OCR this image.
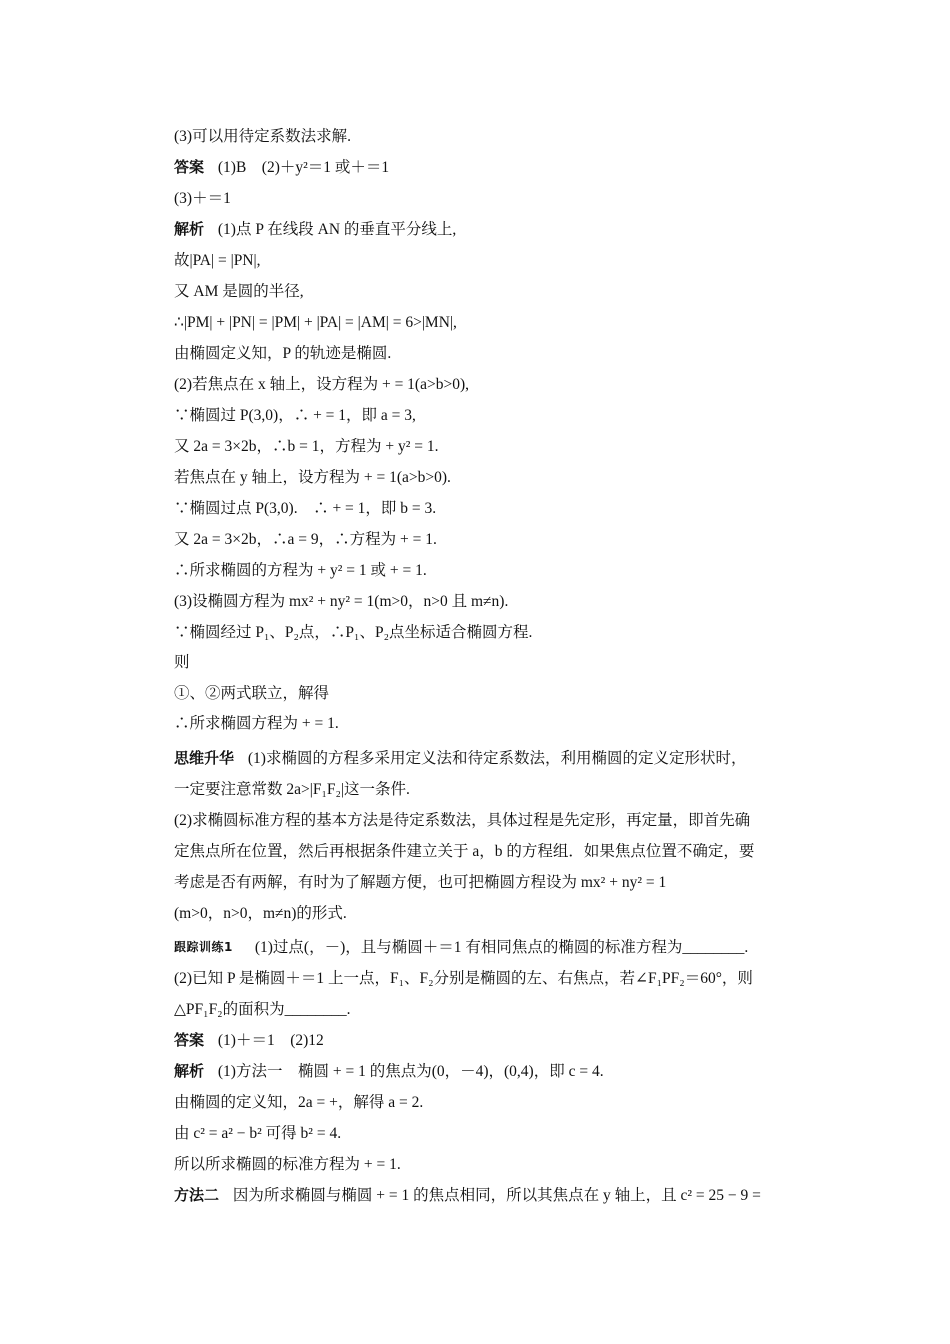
(3)可以用待定系数法求解.
答案 (1)B　(2)＋y²＝1 或＋＝1
(3)＋＝1
解析 (1)点 P 在线段 AN 的垂直平分线上,
故|PA| = |PN|,
又 AM 是圆的半径,
∴|PM| + |PN| = |PM| + |PA| = |AM| = 6>|MN|,
由椭圆定义知，P 的轨迹是椭圆.
(2)若焦点在 x 轴上，设方程为 + = 1(a>b>0),
∵椭圆过 P(3,0)，∴ + = 1，即 a = 3,
又 2a = 3×2b，∴b = 1，方程为 + y² = 1.
若焦点在 y 轴上，设方程为 + = 1(a>b>0).
∵椭圆过点 P(3,0).　∴ + = 1，即 b = 3.
又 2a = 3×2b，∴a = 9，∴方程为 + = 1.
∴所求椭圆的方程为 + y² = 1 或 + = 1.
(3)设椭圆方程为 mx² + ny² = 1(m>0，n>0 且 m≠n).
∵椭圆经过 P₁、P₂点，∴P₁、P₂点坐标适合椭圆方程.
则
①、②两式联立，解得
∴所求椭圆方程为 + = 1.
思维升华 (1)求椭圆的方程多采用定义法和待定系数法，利用椭圆的定义定形状时，
一定要注意常数 2a>|F₁F₂|这一条件.
(2)求椭圆标准方程的基本方法是待定系数法，具体过程是先定形，再定量，即首先确
定焦点所在位置，然后再根据条件建立关于 a，b 的方程组．如果焦点位置不确定，要
考虑是否有两解，有时为了解题方便，也可把椭圆方程设为 mx² + ny² = 1
(m>0，n>0，m≠n)的形式.
跟踪训练1 (1)过点(，－)，且与椭圆＋＝1 有相同焦点的椭圆的标准方程为________.
(2)已知 P 是椭圆＋＝1 上一点，F₁、F₂分别是椭圆的左、右焦点，若∠F₁PF₂＝60°，则
△PF₁F₂的面积为________.
答案 (1)＋＝1　(2)12
解析 (1)方法一　椭圆 + = 1 的焦点为(0，－4)，(0,4)，即 c = 4.
由椭圆的定义知，2a = +，解得 a = 2.
由 c² = a² − b² 可得 b² = 4.
所以所求椭圆的标准方程为 + = 1.
方法二 因为所求椭圆与椭圆 + = 1 的焦点相同，所以其焦点在 y 轴上，且 c² = 25 − 9 =
